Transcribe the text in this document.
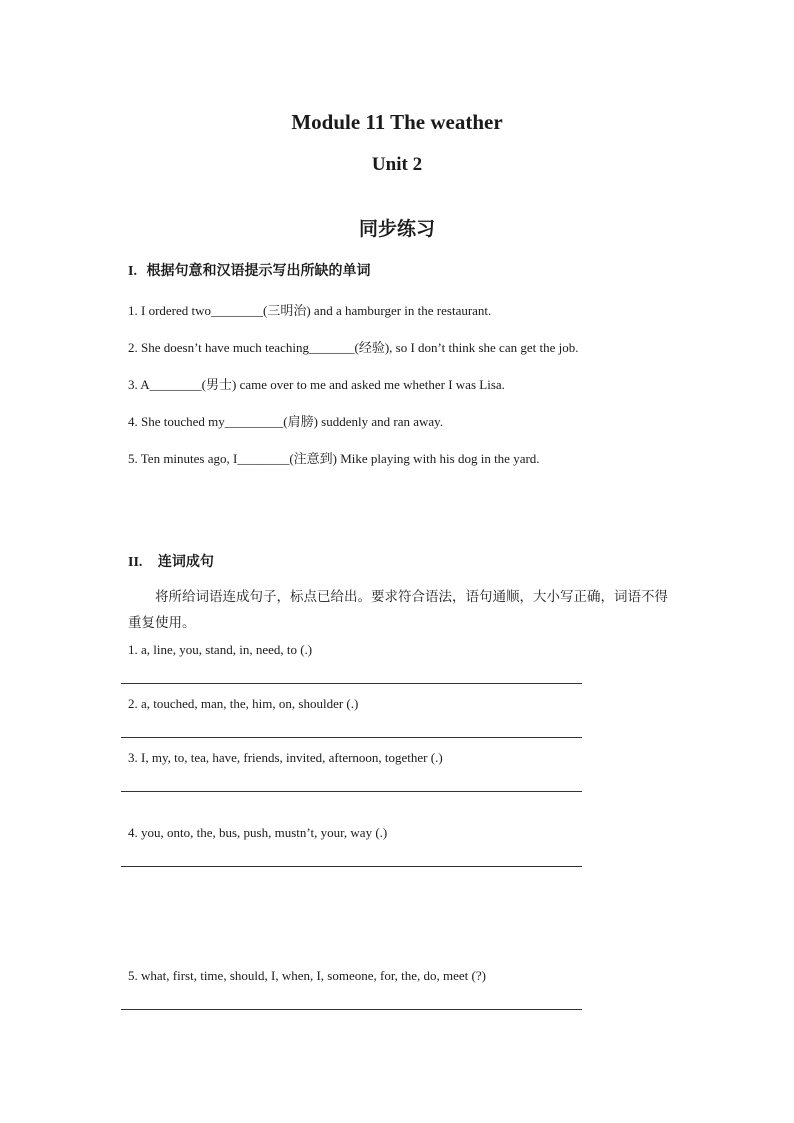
Module 11 The weather
Unit 2
同步练习
I. 根据句意和汉语提示写出所缺的单词
1. I ordered two________(三明治) and a hamburger in the restaurant.
2. She doesn’t have much teaching_______(经验), so I don’t think she can get the job.
3. A________(男士) came over to me and asked me whether I was Lisa.
4. She touched my_________(肩膀) suddenly and ran away.
5. Ten minutes ago, I________(注意到) Mike playing with his dog in the yard.
II. 连词成句
将所给词语连成句子，标点已给出。要求符合语法，语句通顺，大小写正确，词语不得重复使用。
1. a, line, you, stand, in, need, to (.)
2. a, touched, man, the, him, on, shoulder (.)
3. I, my, to, tea, have, friends, invited, afternoon, together (.)
4. you, onto, the, bus, push, mustn’t, your, way (.)
5. what, first, time, should, I, when, I, someone, for, the, do, meet (?)
